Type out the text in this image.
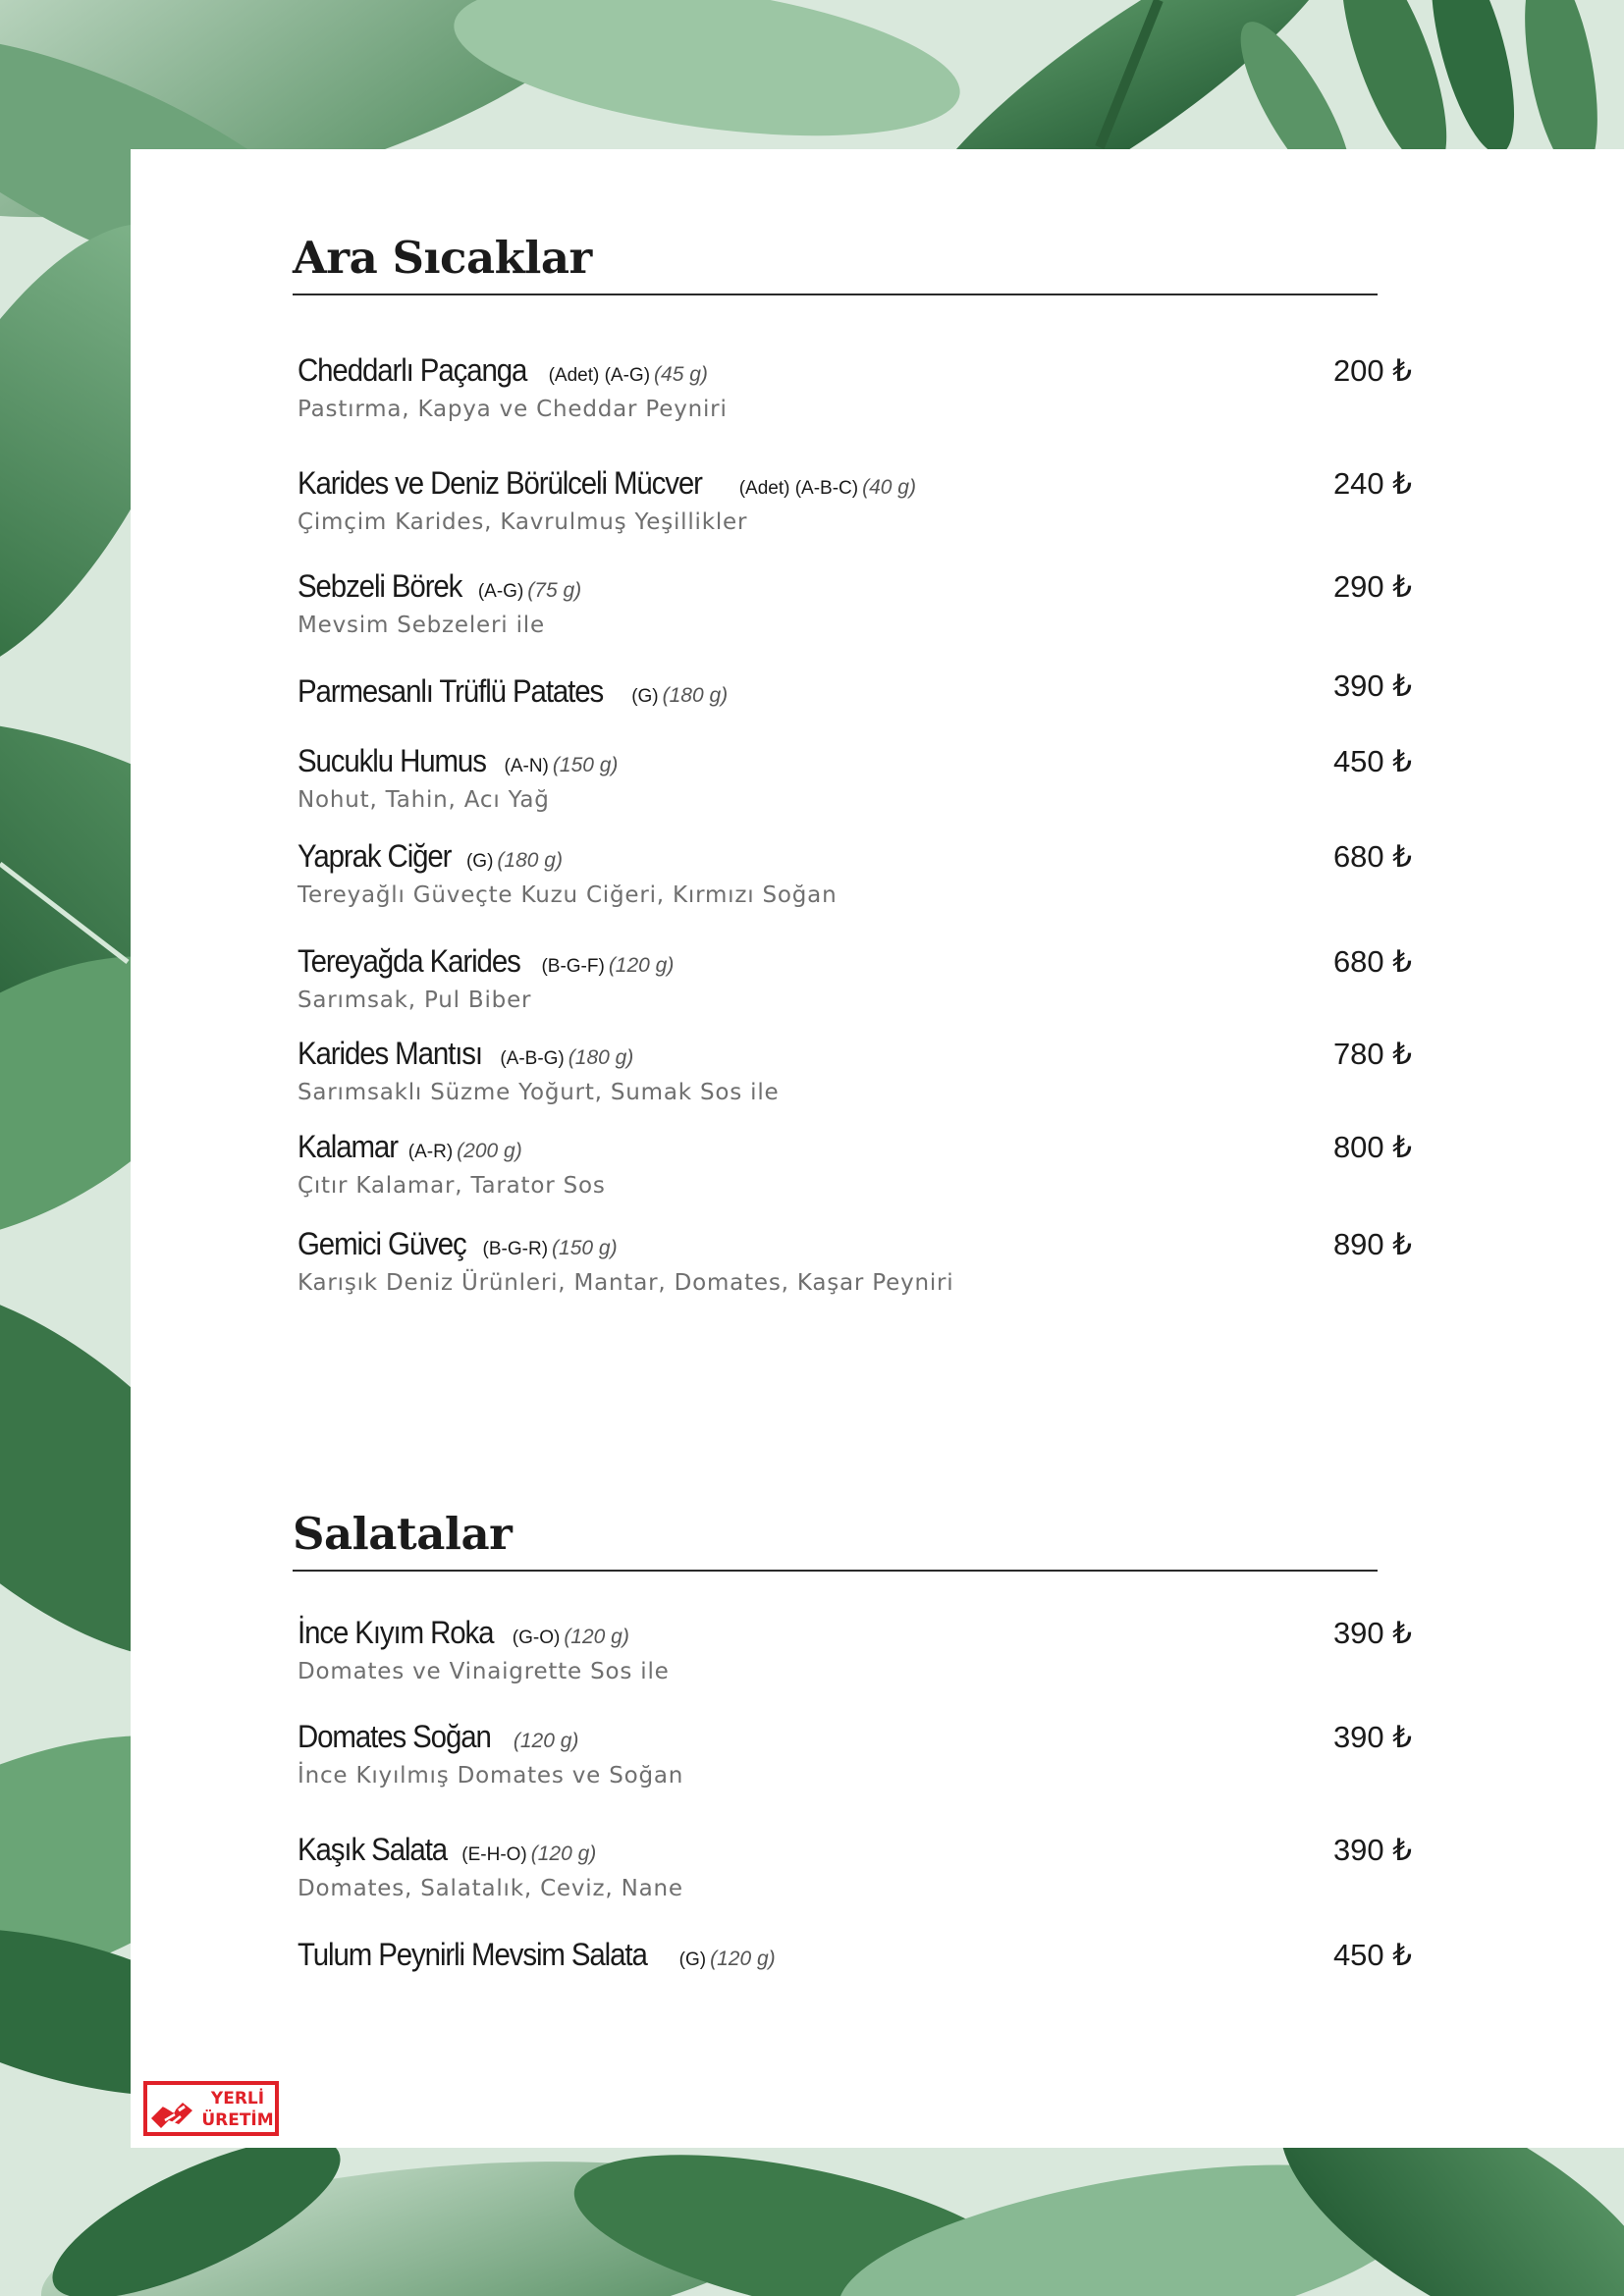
Ara Sıcaklar
Cheddarlı Paçanga (Adet) (A-G) (45 g)
Pastırma, Kapya ve Cheddar Peyniri
200 ₺
Karides ve Deniz Börülceli Mücver (Adet) (A-B-C) (40 g)
Çimçim Karides, Kavrulmuş Yeşillikler
240 ₺
Sebzeli Börek (A-G) (75 g)
Mevsim Sebzeleri ile
290 ₺
Parmesanlı Trüflü Patates (G) (180 g)	390 ₺
Sucuklu Humus (A-N) (150 g)
Nohut, Tahin, Acı Yağ
450 ₺
Yaprak Ciğer (G) (180 g)
Tereyağlı Güveçte Kuzu Ciğeri, Kırmızı Soğan
680 ₺
Tereyağda Karides (B-G-F) (120 g)
Sarımsak, Pul Biber
680 ₺
Karides Mantısı (A-B-G) (180 g)
Sarımsaklı Süzme Yoğurt, Sumak Sos ile
780 ₺
Kalamar (A-R) (200 g)
Çıtır Kalamar, Tarator Sos
800 ₺
Gemici Güveç (B-G-R) (150 g)
Karışık Deniz Ürünleri, Mantar, Domates, Kaşar Peyniri
890 ₺
Salatalar
İnce Kıyım Roka (G-O) (120 g)
Domates ve Vinaigrette Sos ile
390 ₺
Domates Soğan (120 g)
İnce Kıyılmış Domates ve Soğan
390 ₺
Kaşık Salata (E-H-O) (120 g)
Domates, Salatalık, Ceviz, Nane
390 ₺
Tulum Peynirli Mevsim Salata (G) (120 g)	450 ₺
YERLİ
ÜRETİM
